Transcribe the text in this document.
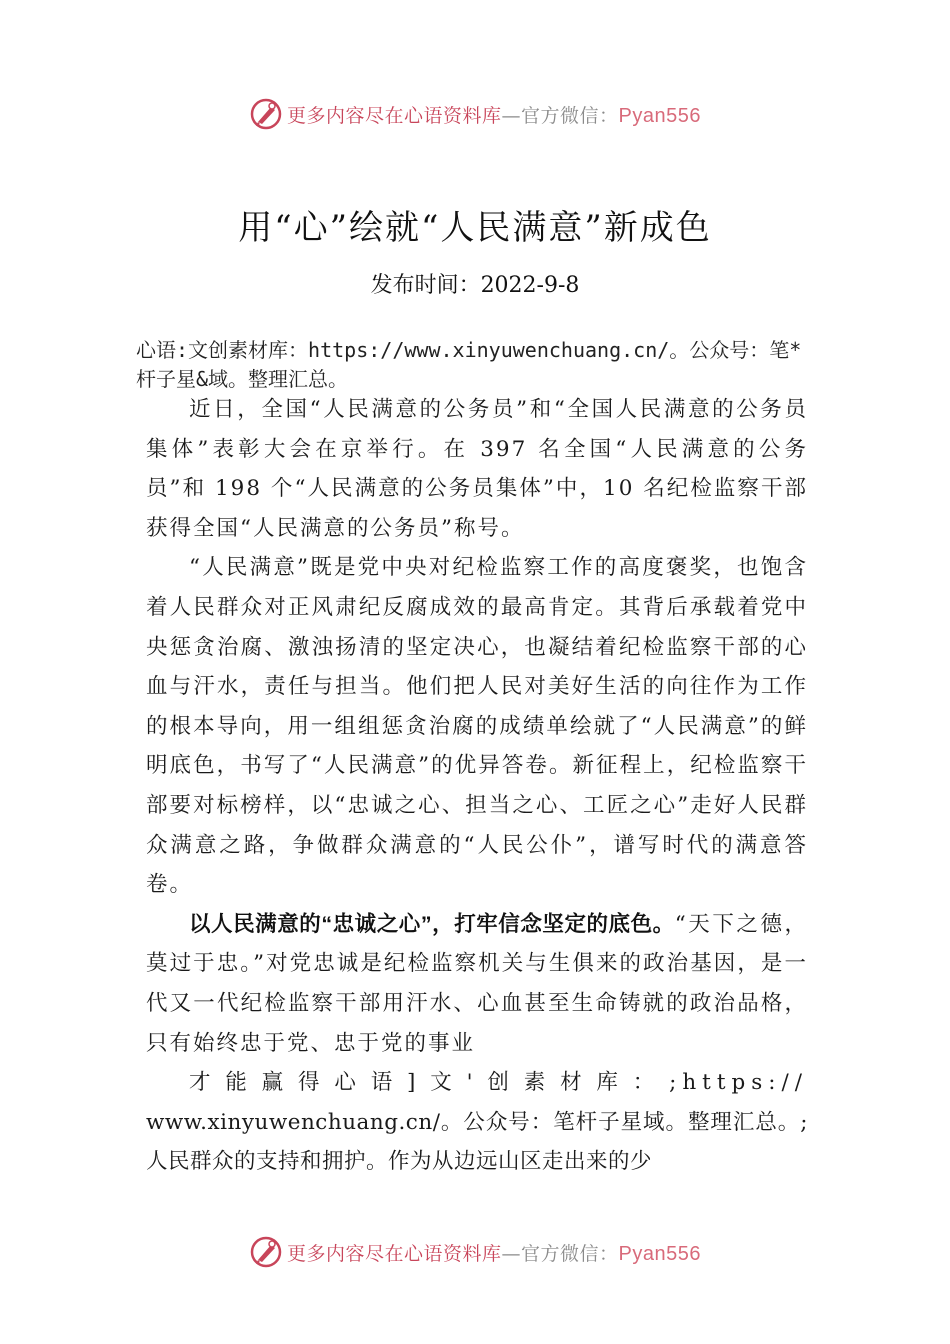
更多内容尽在心语资料库—官方微信：Pyan556
用“心”绘就“人民满意”新成色
发布时间：2022-9-8
心语:文创素材库：https://www.xinyuwenchuang.cn/。公众号：笔*杆子星&域。整理汇总。

近日，全国“人民满意的公务员”和“全国人民满意的公务员集体”表彰大会在京举行。在 397 名全国“人民满意的公务员”和 198 个“人民满意的公务员集体”中，10 名纪检监察干部获得全国“人民满意的公务员”称号。

“人民满意”既是党中央对纪检监察工作的高度褒奖，也饱含着人民群众对正风肃纪反腐成效的最高肯定。其背后承载着党中央惩贪治腐、激浊扬清的坚定决心，也凝结着纪检监察干部的心血与汗水，责任与担当。他们把人民对美好生活的向往作为工作的根本导向，用一组组惩贪治腐的成绩单绘就了“人民满意”的鲜明底色，书写了“人民满意”的优异答卷。新征程上，纪检监察干部要对标榜样，以“忠诚之心、担当之心、工匠之心”走好人民群众满意之路，争做群众满意的“人民公仆”，谱写时代的满意答卷。

以人民满意的“忠诚之心”，打牢信念坚定的底色。“天下之德，莫过于忠。”对党忠诚是纪检监察机关与生俱来的政治基因，是一代又一代纪检监察干部用汗水、心血甚至生命铸就的政治品格，只有始终忠于党、忠于党的事业

才能赢得心语]文'创素材库：;https://

www.xinyuwenchuang.cn/。公众号：笔杆子星域。整理汇总。;人民群众的支持和拥护。作为从边远山区走出来的少

更多内容尽在心语资料库—官方微信：Pyan556
